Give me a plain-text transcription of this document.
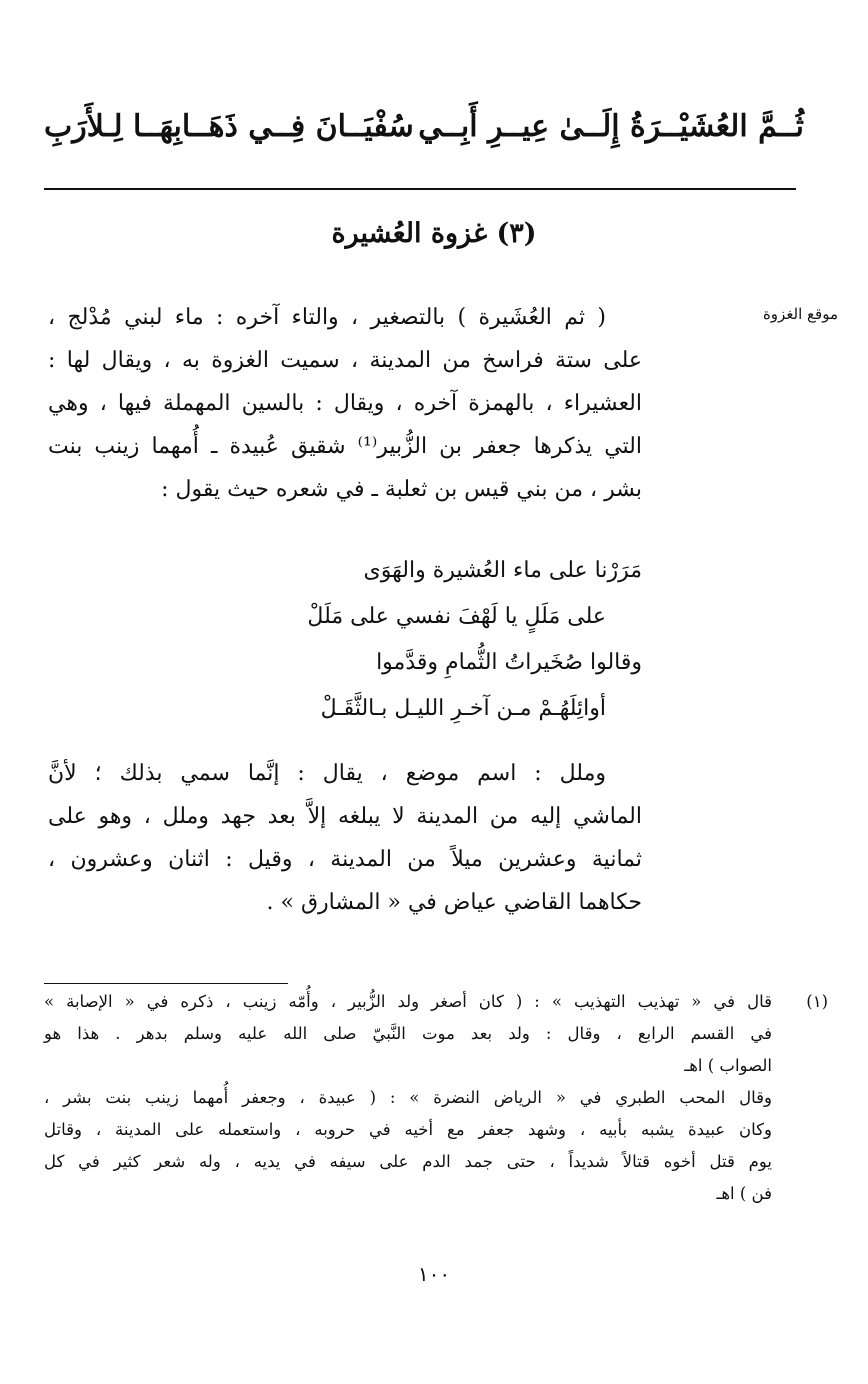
ثُــمَّ العُشَيْــرَةُ إِلَــىٰ عِيــرِ أَبِــي
سُفْيَــانَ فِــي ذَهَــابِهَــا لِـلأَرَبِ
(٣) غزوة العُشيرة
موقع الغزوة
( ثم العُشَيرة ) بالتصغير ، والتاء آخره : ماء لبني مُدْلج ،
على ستة فراسخ من المدينة ، سميت الغزوة به ، ويقال لها :
العشيراء ، بالهمزة آخره ، ويقال : بالسين المهملة فيها ، وهي
التي يذكرها جعفر بن الزُّبير⁽¹⁾ شقيق عُبيدة ـ أُمهما زينب بنت
بشر ، من بني قيس بن ثعلبة ـ في شعره حيث يقول :
مَرَرْنا على ماء العُشيرة والهَوَى
على مَلَلٍ يا لَهْفَ نفسي على مَلَلْ
وقالوا صُخَيراتُ الثُّمامِ وقدَّموا
أوائِلَهُـمْ مـن آخـرِ الليـل بـالثَّقَـلْ
وملل : اسم موضع ، يقال : إنَّما سمي بذلك ؛ لأنَّ
الماشي إليه من المدينة لا يبلغه إلاَّ بعد جهد وملل ، وهو على
ثمانية وعشرين ميلاً من المدينة ، وقيل : اثنان وعشرون ،
حكاهما القاضي عياض في « المشارق » .
(١)
قال في « تهذيب التهذيب » : ( كان أصغر ولد الزُّبير ، وأُمّه زينب ، ذكره في « الإصابة »
في القسم الرابع ، وقال : ولد بعد موت النَّبيّ صلى الله عليه وسلم بدهر . هذا هو
الصواب ) اهـ
وقال المحب الطبري في « الرياض النضرة » : ( عبيدة ، وجعفر أُمهما زينب بنت بشر ،
وكان عبيدة يشبه بأبيه ، وشهد جعفر مع أخيه في حروبه ، واستعمله على المدينة ، وقاتل
يوم قتل أخوه قتالاً شديداً ، حتى جمد الدم على سيفه في يديه ، وله شعر كثير في كل
فن ) اهـ
١٠٠
